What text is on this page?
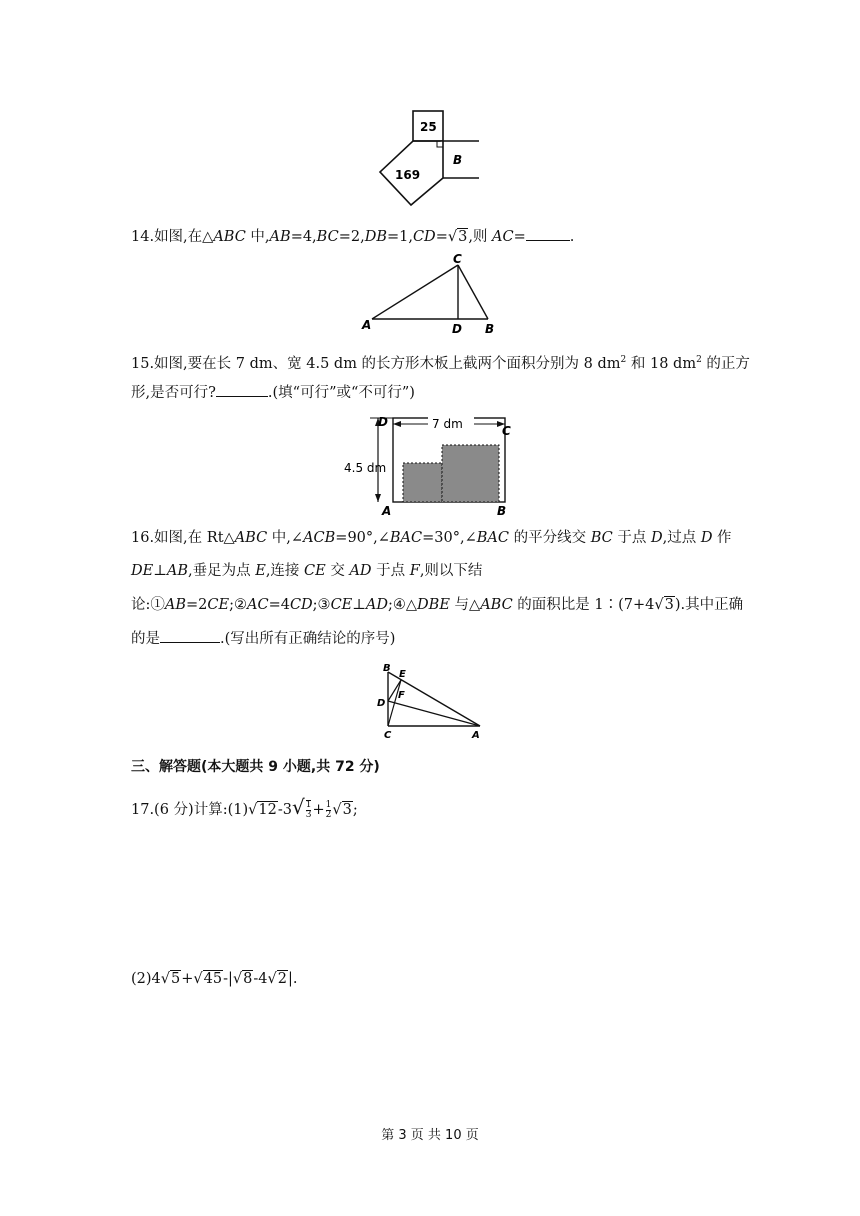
25
169
B
14.如图,在△ABC 中,AB=4,BC=2,DB=1,CD=√3,则 AC=	.
C
A	D B
15.如图,要在长 7 dm、宽 4.5 dm 的长方形木板上截两个面积分别为 8 $dm^2$ 和 18 $dm^2$ 的正方
形,是否可行?	.(填“可行”或“不可行”)
7 dm
4.5 dm
D
C
A	B
16.如图,在 Rt△ABC 中,∠ACB=90°,∠BAC=30°,∠BAC 的平分线交 BC 于点 D,过点 D 作
DE⊥AB,垂足为点 E,连接 CE 交 AD 于点 F,则以下结
论:①AB=2CE;②AC=4CD;③CE⊥AD;④△DBE 与△ABC 的面积比是 1∶(7+4√3).其中正确
的是	.(写出所有正确结论的序号)
B
E
F
D
C	A
三、解答题(本大题共 9 小题,共 72 分)
17.(6 分)计算:(1)√12-3√ $\frac{1}{3} + \frac{1}{2} √3$;
(2)4√5+√45-|√8-4√2|.
第 3 页 共 10 页
